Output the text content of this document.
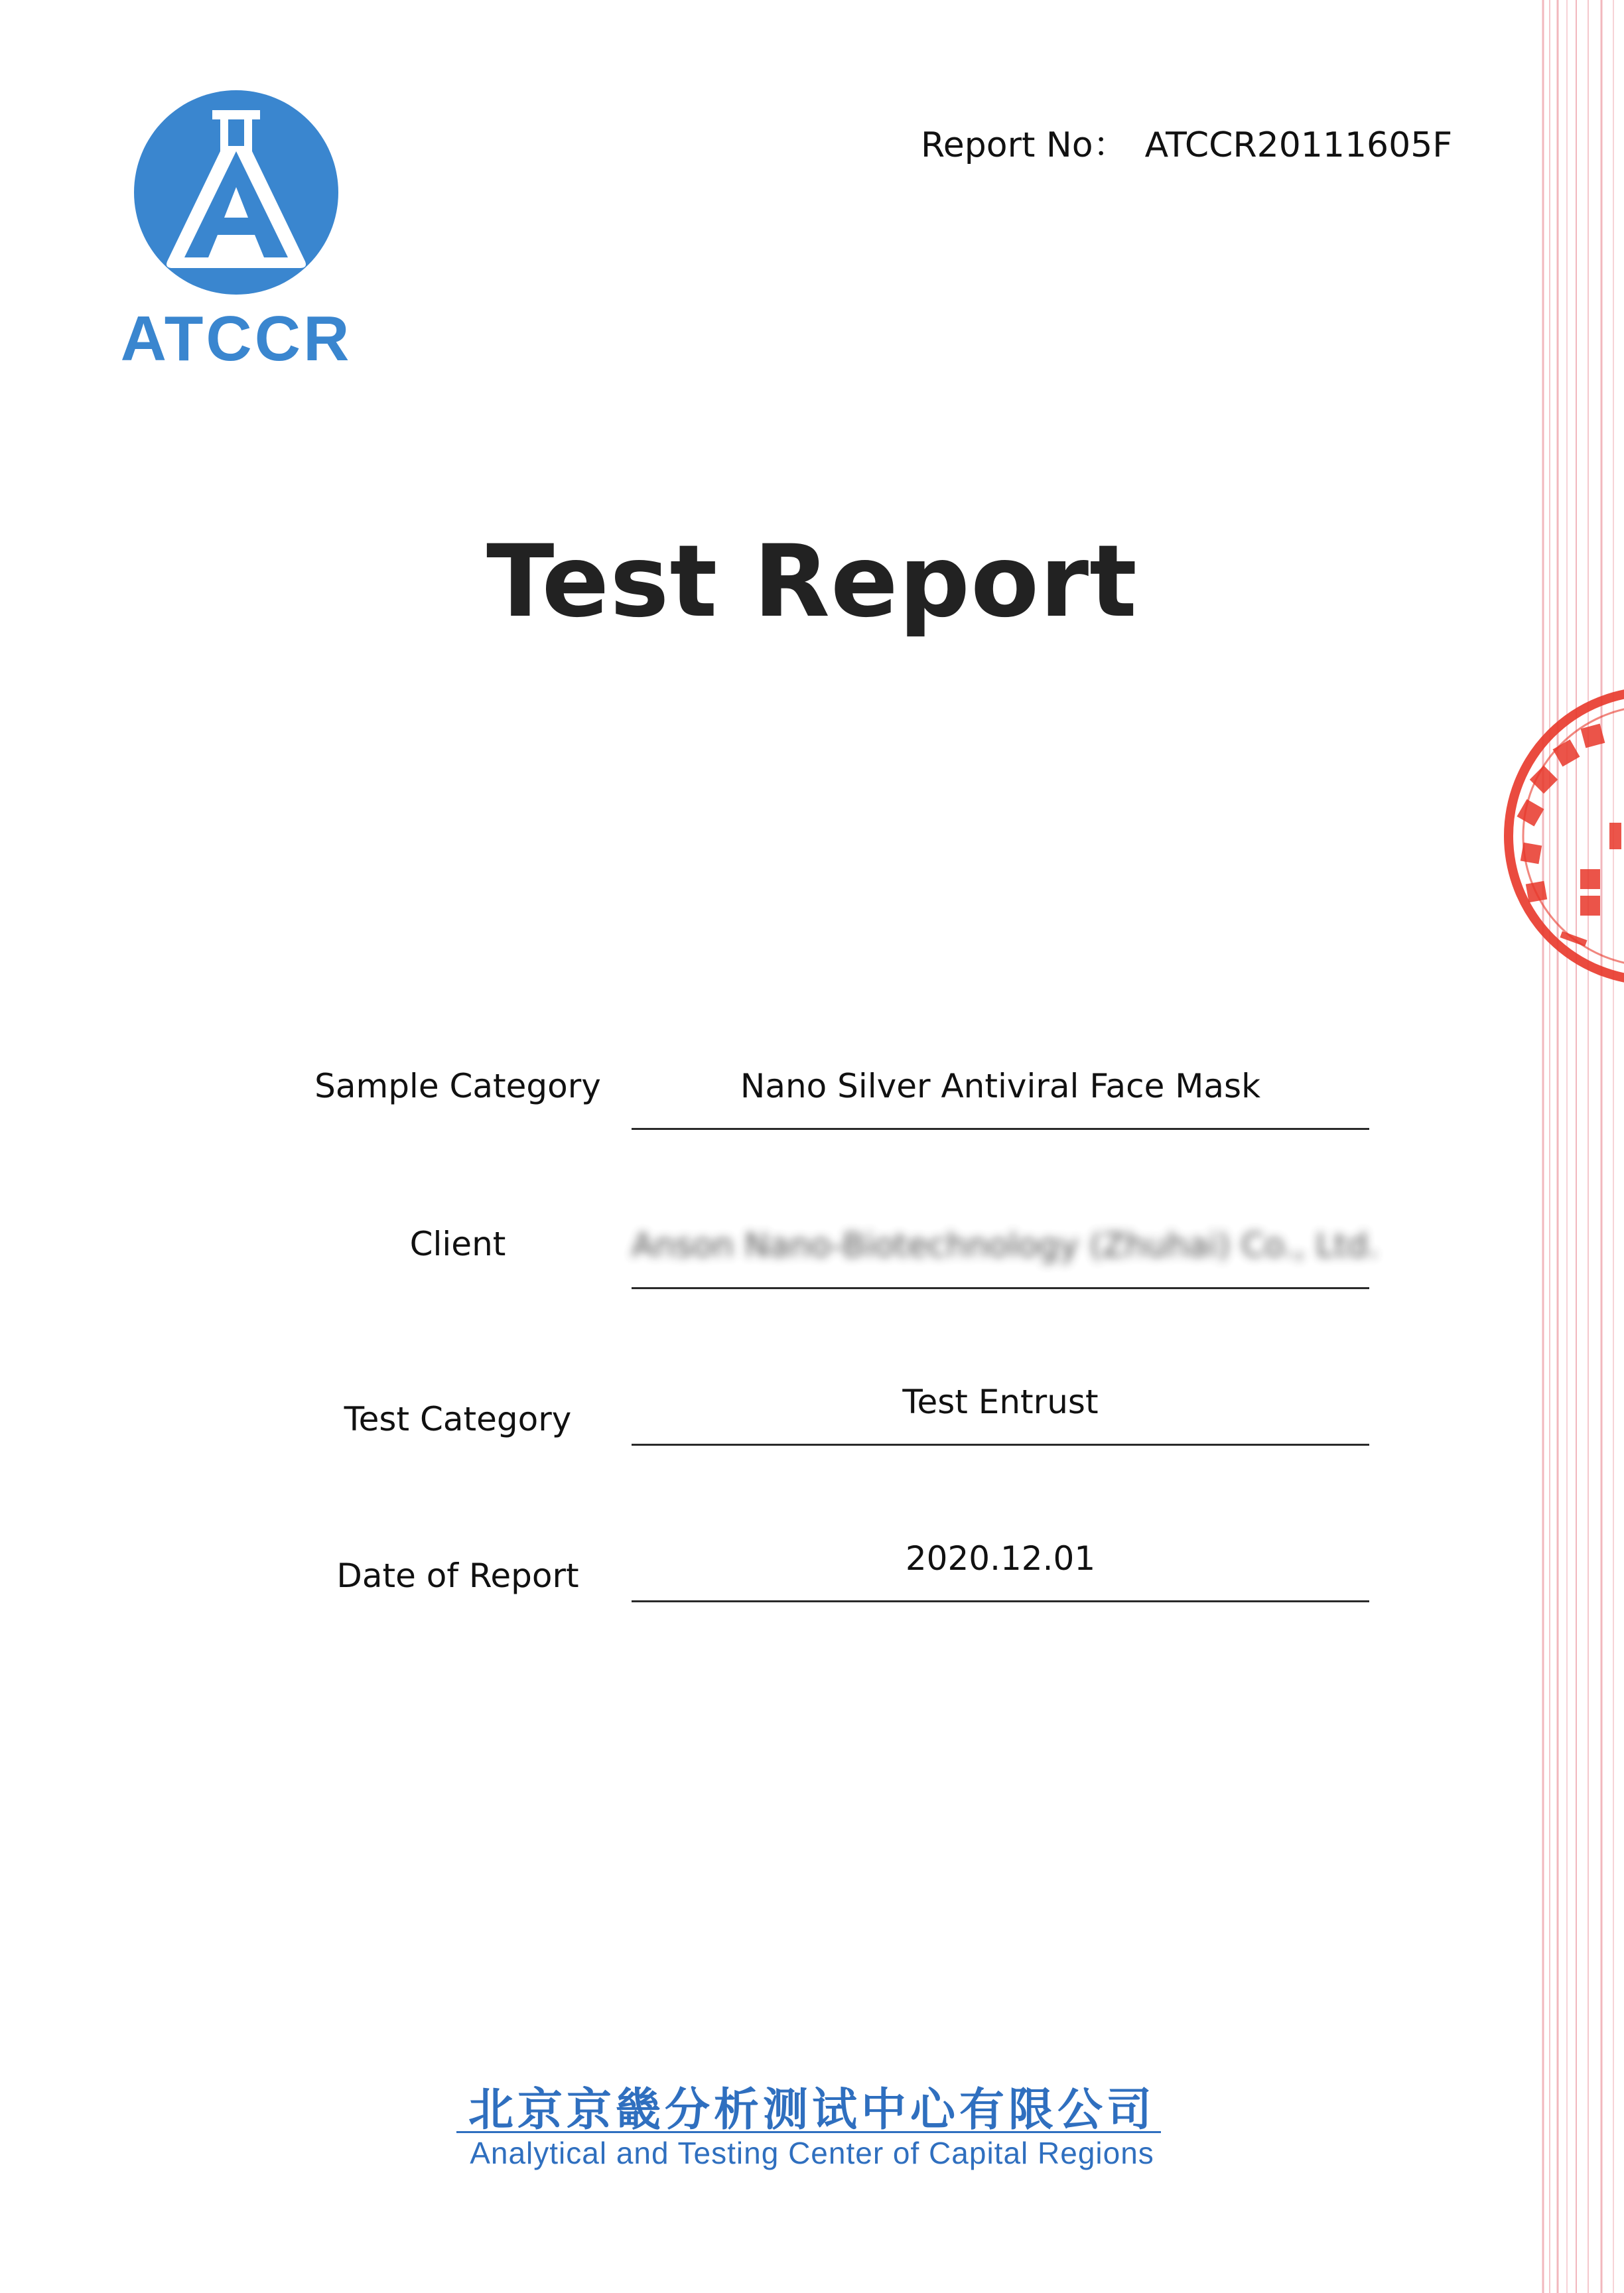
ATCCR
Report No： ATCCR20111605F
Test Report
Sample Category	Nano Silver Antiviral Face Mask
Client	Anson Nano-Biotechnology (Zhuhai) Co., Ltd.
Test Category	Test Entrust
Date of Report	2020.12.01
北京京畿分析测试中心有限公司
Analytical and Testing Center of Capital Regions
